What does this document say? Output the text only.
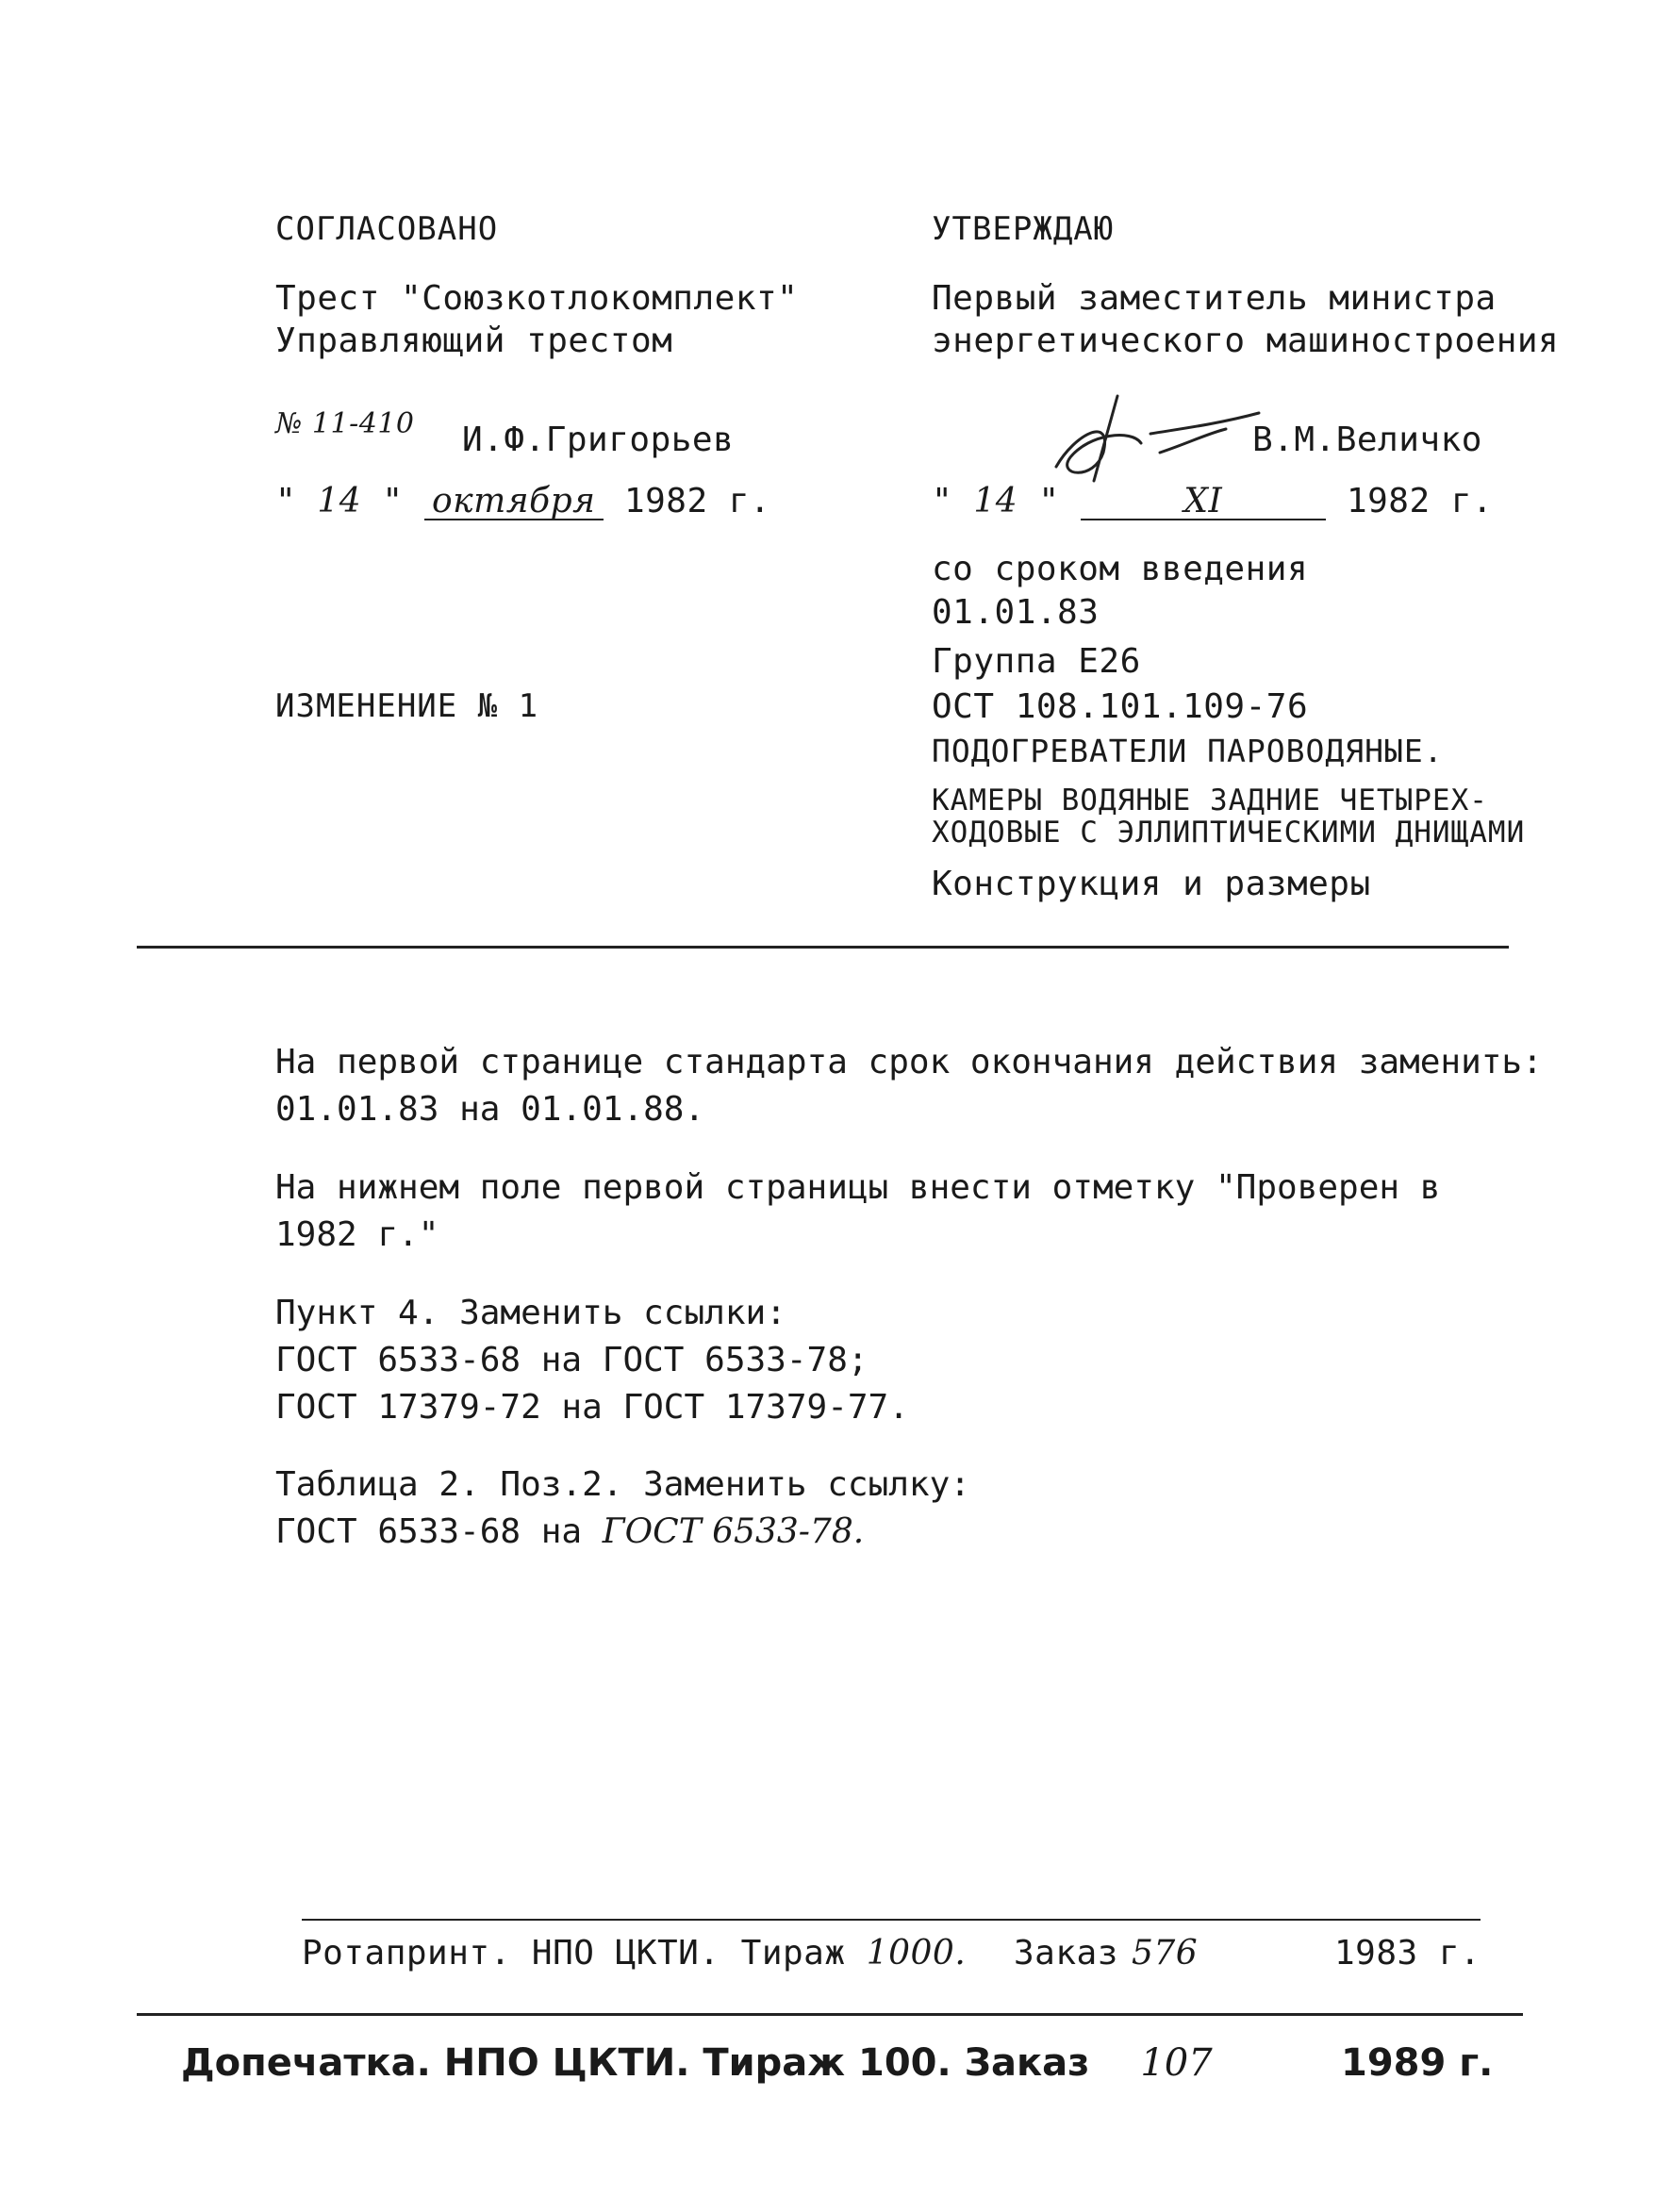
СОГЛАСОВАНО
Трест "Союзкотлокомплект"
Управляющий трестом
№ 11-410 И.Ф.Григорьев
" 14 " октября 1982 г.
ИЗМЕНЕНИЕ № 1
УТВЕРЖДАЮ
Первый заместитель министра
энергетического машиностроения
В.М.Величко
" 14 "	XI	1982 г.
со сроком введения
01.01.83
Группа Е26
ОСТ 108.101.109-76
ПОДОГРЕВАТЕЛИ ПАРОВОДЯНЫЕ.
КАМЕРЫ ВОДЯНЫЕ ЗАДНИЕ ЧЕТЫРЕХ-
ХОДОВЫЕ С ЭЛЛИПТИЧЕСКИМИ ДНИЩАМИ
Конструкция и размеры
На первой странице стандарта срок окончания действия заменить:
01.01.83 на 01.01.88.
На нижнем поле первой страницы внести отметку "Проверен в
1982 г."
Пункт 4. Заменить ссылки:
ГОСТ 6533-68 на ГОСТ 6533-78;
ГОСТ 17379-72 на ГОСТ 17379-77.
Таблица 2. Поз.2. Заменить ссылку:
ГОСТ 6533-68 на ГОСТ 6533-78.
Ротапринт. НПО ЦКТИ. Тираж 1000. Заказ 576	1983 г.
Допечатка. НПО ЦКТИ. Тираж 100. Заказ 107	1989 г.
